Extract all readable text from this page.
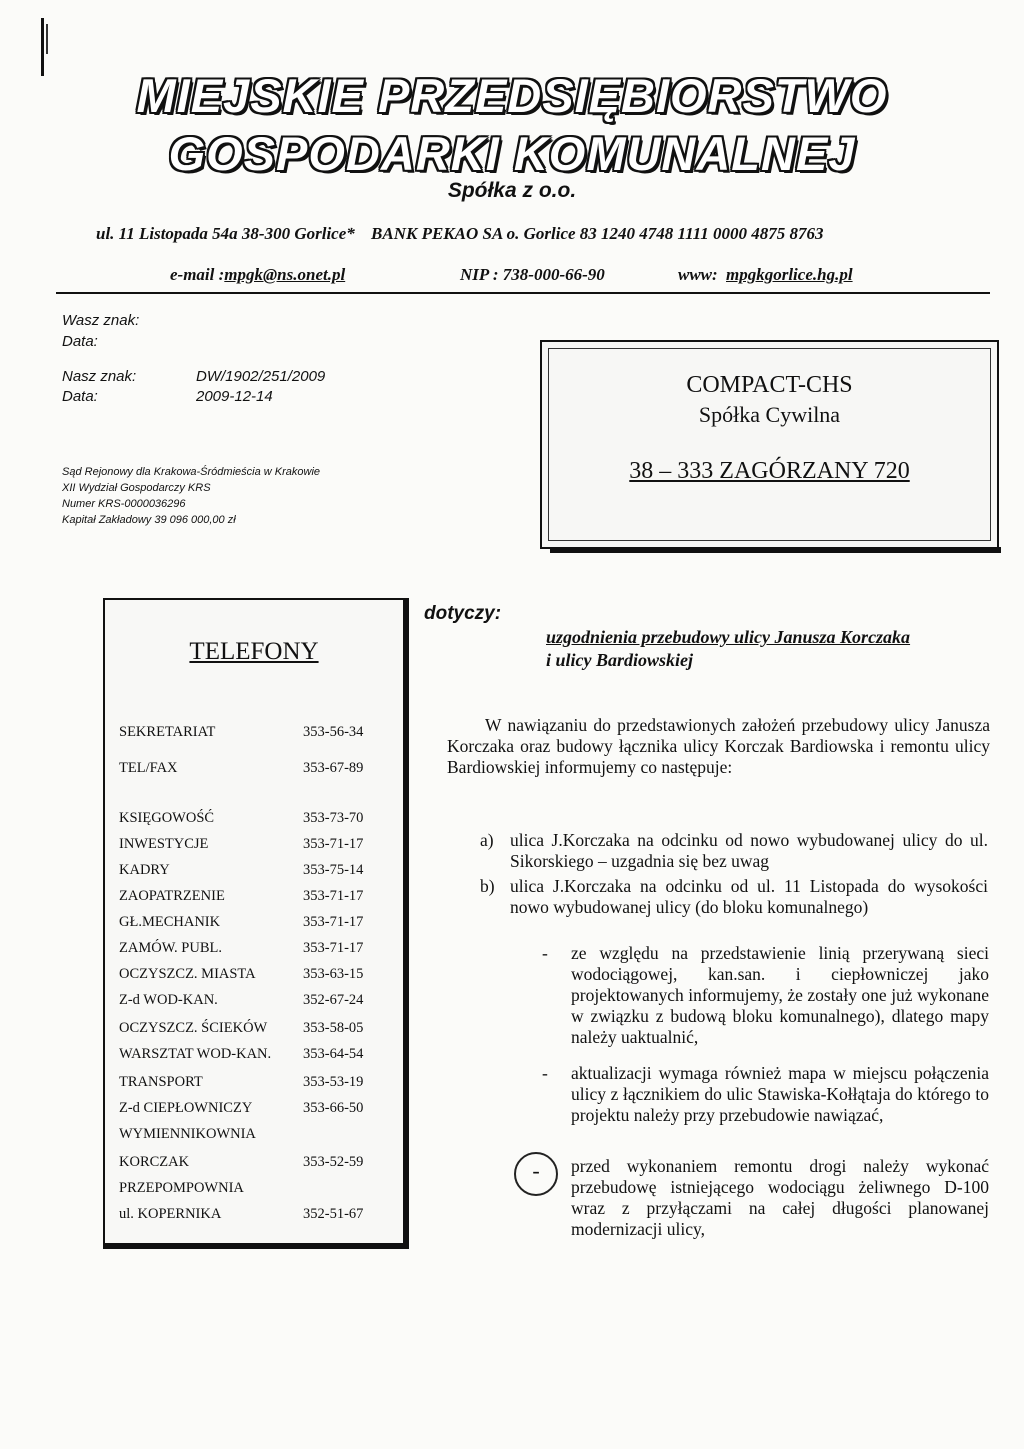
MIEJSKIE PRZEDSIĘBIORSTWO
GOSPODARKI KOMUNALNEJ
Spółka z o.o.
ul. 11 Listopada 54a 38-300 Gorlice* BANK PEKAO SA o. Gorlice 83 1240 4748 1111 0000 4875 8763
e-mail :mpgk@ns.onet.pl	NIP : 738-000-66-90	www: mpgkgorlice.hg.pl
Wasz znak:
Data:
Nasz znak:	DW/1902/251/2009
Data:	2009-12-14
Sąd Rejonowy dla Krakowa-Śródmieścia w Krakowie
XII Wydział Gospodarczy KRS
Numer KRS-0000036296
Kapitał Zakładowy 39 096 000,00 zł
COMPACT-CHS
Spółka Cywilna
38 – 333 ZAGÓRZANY 720
TELEFONY
SEKRETARIAT	353-56-34
TEL/FAX	353-67-89
KSIĘGOWOŚĆ	353-73-70
INWESTYCJE	353-71-17
KADRY	353-75-14
ZAOPATRZENIE	353-71-17
GŁ.MECHANIK	353-71-17
ZAMÓW. PUBL.	353-71-17
OCZYSZCZ. MIASTA	353-63-15
Z-d WOD-KAN.	352-67-24
OCZYSZCZ. ŚCIEKÓW 353-58-05
WARSZTAT WOD-KAN. 353-64-54
TRANSPORT	353-53-19
Z-d CIEPŁOWNICZY	353-66-50
WYMIENNIKOWNIA
KORCZAK	353-52-59
PRZEPOMPOWNIA
ul. KOPERNIKA	352-51-67
dotyczy:
uzgodnienia przebudowy ulicy Janusza Korczaka
i ulicy Bardiowskiej
W nawiązaniu do przedstawionych założeń przebudowy ulicy Janusza Korczaka oraz budowy łącznika ulicy Korczak Bardiowska i remontu ulicy Bardiowskiej informujemy co następuje:
a) ulica J.Korczaka na odcinku od nowo wybudowanej ulicy do ul. Sikorskiego – uzgadnia się bez uwag
b) ulica J.Korczaka na odcinku od ul. 11 Listopada do wysokości nowo wybudowanej ulicy (do bloku komunalnego)
- ze względu na przedstawienie linią przerywaną sieci wodociągowej, kan.san. i ciepłowniczej jako projektowanych informujemy, że zostały one już wykonane w związku z budową bloku komunalnego), dlatego mapy należy uaktualnić,
- aktualizacji wymaga również mapa w miejscu połączenia ulicy z łącznikiem do ulic Stawiska-Kołłątaja do którego to projektu należy przy przebudowie nawiązać,
-	przed wykonaniem remontu drogi należy wykonać przebudowę istniejącego wodociągu żeliwnego D-100 wraz z przyłączami na całej długości planowanej modernizacji ulicy,
